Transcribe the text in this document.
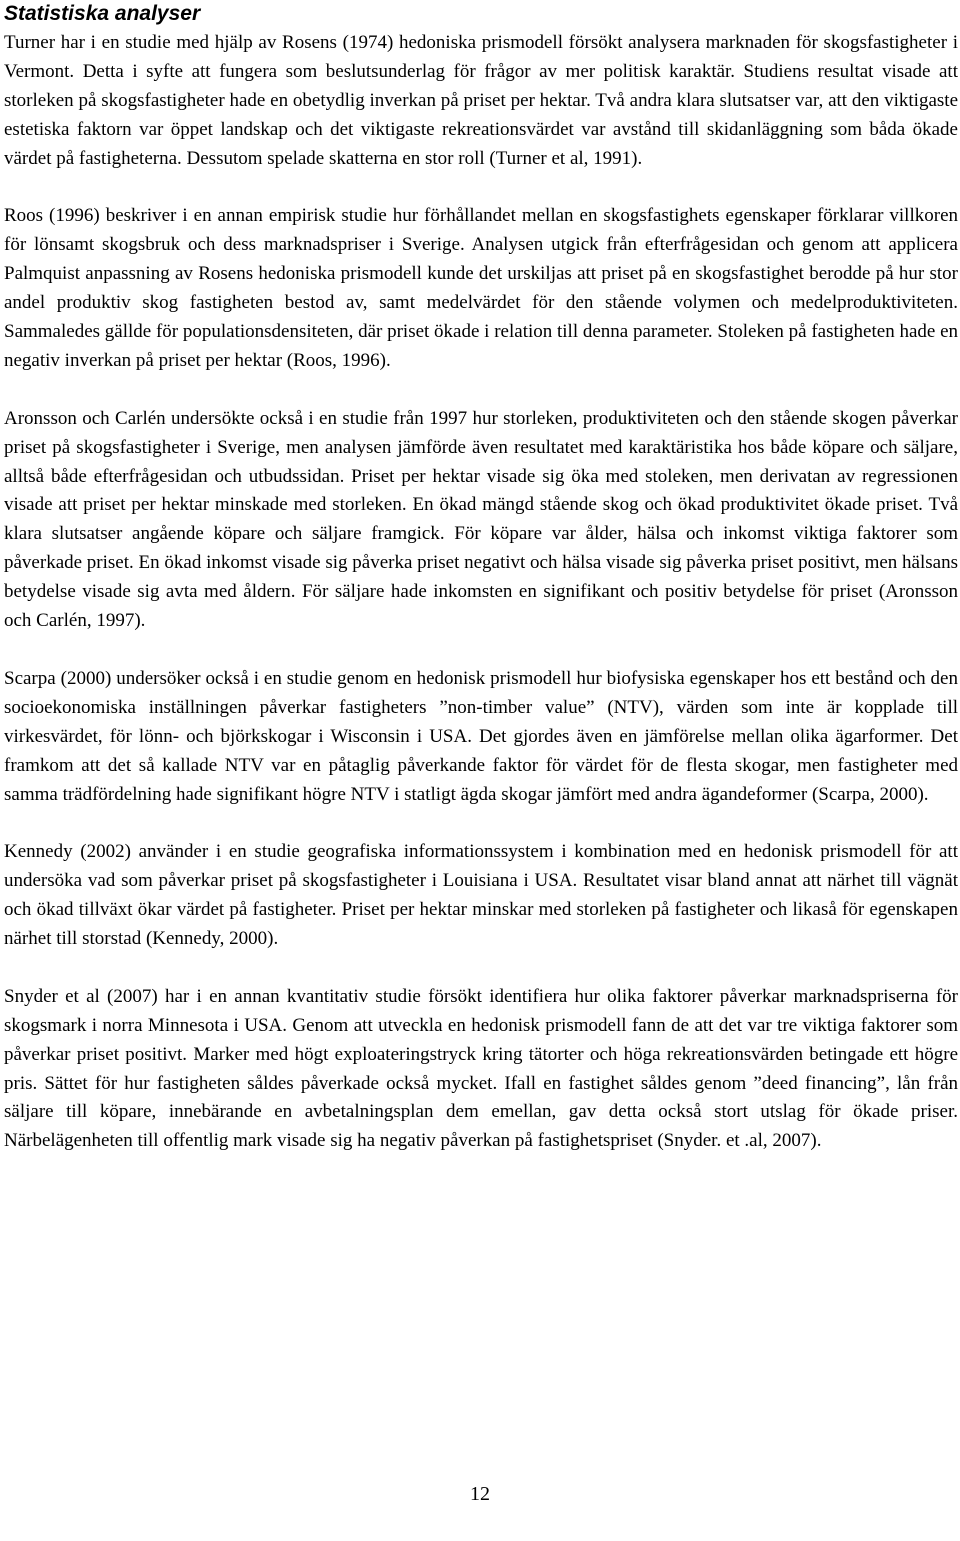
Statistiska analyser

Turner har i en studie med hjälp av Rosens (1974) hedoniska prismodell försökt analysera marknaden för skogsfastigheter i Vermont. Detta i syfte att fungera som beslutsunderlag för frågor av mer politisk karaktär. Studiens resultat visade att storleken på skogsfastigheter hade en obetydlig inverkan på priset per hektar. Två andra klara slutsatser var, att den viktigaste estetiska faktorn var öppet landskap och det viktigaste rekreationsvärdet var avstånd till skidanläggning som båda ökade värdet på fastigheterna. Dessutom spelade skatterna en stor roll (Turner et al, 1991).

Roos (1996) beskriver i en annan empirisk studie hur förhållandet mellan en skogsfastighets egenskaper förklarar villkoren för lönsamt skogsbruk och dess marknadspriser i Sverige. Analysen utgick från efterfrågesidan och genom att applicera Palmquist anpassning av Rosens hedoniska prismodell kunde det urskiljas att priset på en skogsfastighet berodde på hur stor andel produktiv skog fastigheten bestod av, samt medelvärdet för den stående volymen och medelproduktiviteten. Sammaledes gällde för populationsdensiteten, där priset ökade i relation till denna parameter. Stoleken på fastigheten hade en negativ inverkan på priset per hektar (Roos, 1996).

Aronsson och Carlén undersökte också i en studie från 1997 hur storleken, produktiviteten och den stående skogen påverkar priset på skogsfastigheter i Sverige, men analysen jämförde även resultatet med karaktäristika hos både köpare och säljare, alltså både efterfrågesidan och utbudssidan. Priset per hektar visade sig öka med stoleken, men derivatan av regressionen visade att priset per hektar minskade med storleken. En ökad mängd stående skog och ökad produktivitet ökade priset. Två klara slutsatser angående köpare och säljare framgick. För köpare var ålder, hälsa och inkomst viktiga faktorer som påverkade priset. En ökad inkomst visade sig påverka priset negativt och hälsa visade sig påverka priset positivt, men hälsans betydelse visade sig avta med åldern. För säljare hade inkomsten en signifikant och positiv betydelse för priset (Aronsson och Carlén, 1997).

Scarpa (2000) undersöker också i en studie genom en hedonisk prismodell hur biofysiska egenskaper hos ett bestånd och den socioekonomiska inställningen påverkar fastigheters ”non-timber value” (NTV), värden som inte är kopplade till virkesvärdet, för lönn- och björkskogar i Wisconsin i USA. Det gjordes även en jämförelse mellan olika ägarformer. Det framkom att det så kallade NTV var en påtaglig påverkande faktor för värdet för de flesta skogar, men fastigheter med samma trädfördelning hade signifikant högre NTV i statligt ägda skogar jämfört med andra ägandeformer (Scarpa, 2000).

Kennedy (2002) använder i en studie geografiska informationssystem i kombination med en hedonisk prismodell för att undersöka vad som påverkar priset på skogsfastigheter i Louisiana i USA. Resultatet visar bland annat att närhet till vägnät och ökad tillväxt ökar värdet på fastigheter. Priset per hektar minskar med storleken på fastigheter och likaså för egenskapen närhet till storstad (Kennedy, 2000).

Snyder et al (2007) har i en annan kvantitativ studie försökt identifiera hur olika faktorer påverkar marknadspriserna för skogsmark i norra Minnesota i USA. Genom att utveckla en hedonisk prismodell fann de att det var tre viktiga faktorer som påverkar priset positivt. Marker med högt exploateringstryck kring tätorter och höga rekreationsvärden betingade ett högre pris. Sättet för hur fastigheten såldes påverkade också mycket. Ifall en fastighet såldes genom ”deed financing”, lån från säljare till köpare, innebärande en avbetalningsplan dem emellan, gav detta också stort utslag för ökade priser. Närbelägenheten till offentlig mark visade sig ha negativ påverkan på fastighetspriset (Snyder. et .al, 2007).

12
